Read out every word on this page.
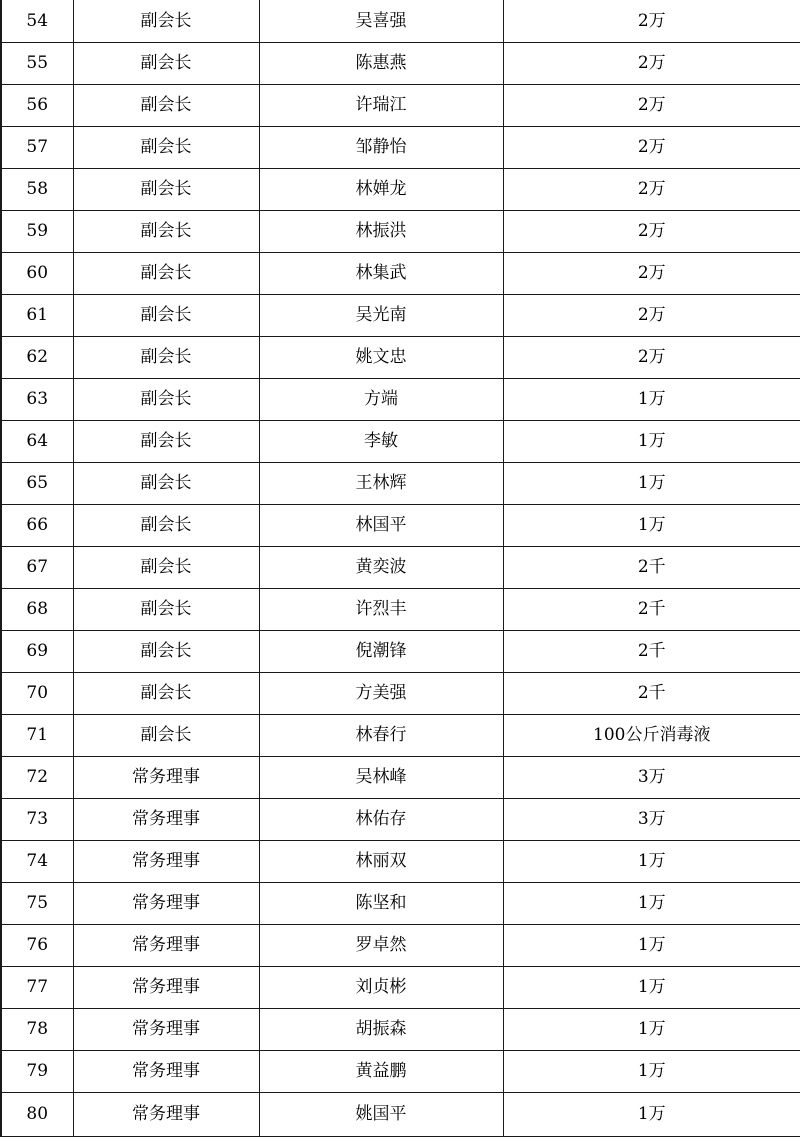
54	副会长	吴喜强	2万
55	副会长	陈惠燕	2万
56	副会长	许瑞江	2万
57	副会长	邹静怡	2万
58	副会长	林婵龙	2万
59	副会长	林振洪	2万
60	副会长	林集武	2万
61	副会长	吴光南	2万
62	副会长	姚文忠	2万
63	副会长	方端	1万
64	副会长	李敏	1万
65	副会长	王林辉	1万
66	副会长	林国平	1万
67	副会长	黄奕波	2千
68	副会长	许烈丰	2千
69	副会长	倪潮锋	2千
70	副会长	方美强	2千
71	副会长	林春行	100公斤消毒液
72	常务理事	吴林峰	3万
73	常务理事	林佑存	3万
74	常务理事	林丽双	1万
75	常务理事	陈坚和	1万
76	常务理事	罗卓然	1万
77	常务理事	刘贞彬	1万
78	常务理事	胡振森	1万
79	常务理事	黄益鹏	1万
80	常务理事	姚国平	1万
